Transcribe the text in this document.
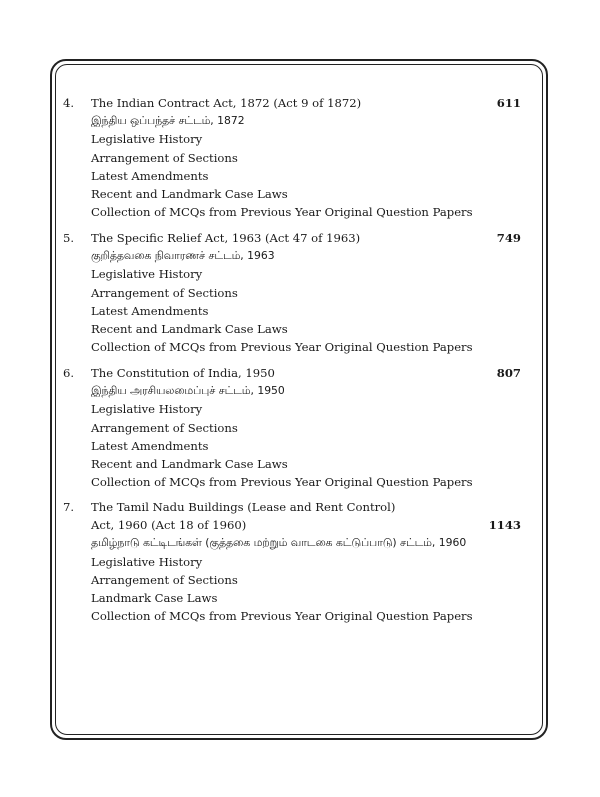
4. The Indian Contract Act, 1872 (Act 9 of 1872)	611
இந்திய ஒப்பந்தச் சட்டம், 1872
Legislative History
Arrangement of Sections
Latest Amendments
Recent and Landmark Case Laws
Collection of MCQs from Previous Year Original Question Papers
5. The Specific Relief Act, 1963 (Act 47 of 1963)	749
குறித்தவகை நிவாரணச் சட்டம், 1963
Legislative History
Arrangement of Sections
Latest Amendments
Recent and Landmark Case Laws
Collection of MCQs from Previous Year Original Question Papers
6. The Constitution of India, 1950	807
இந்திய அரசியலமைப்புச் சட்டம், 1950
Legislative History
Arrangement of Sections
Latest Amendments
Recent and Landmark Case Laws
Collection of MCQs from Previous Year Original Question Papers
7. The Tamil Nadu Buildings (Lease and Rent Control)
Act, 1960 (Act 18 of 1960)	1143
தமிழ்நாடு கட்டிடங்கள் (குத்தகை மற்றும் வாடகை கட்டுப்பாடு) சட்டம், 1960
Legislative History
Arrangement of Sections
Landmark Case Laws
Collection of MCQs from Previous Year Original Question Papers
